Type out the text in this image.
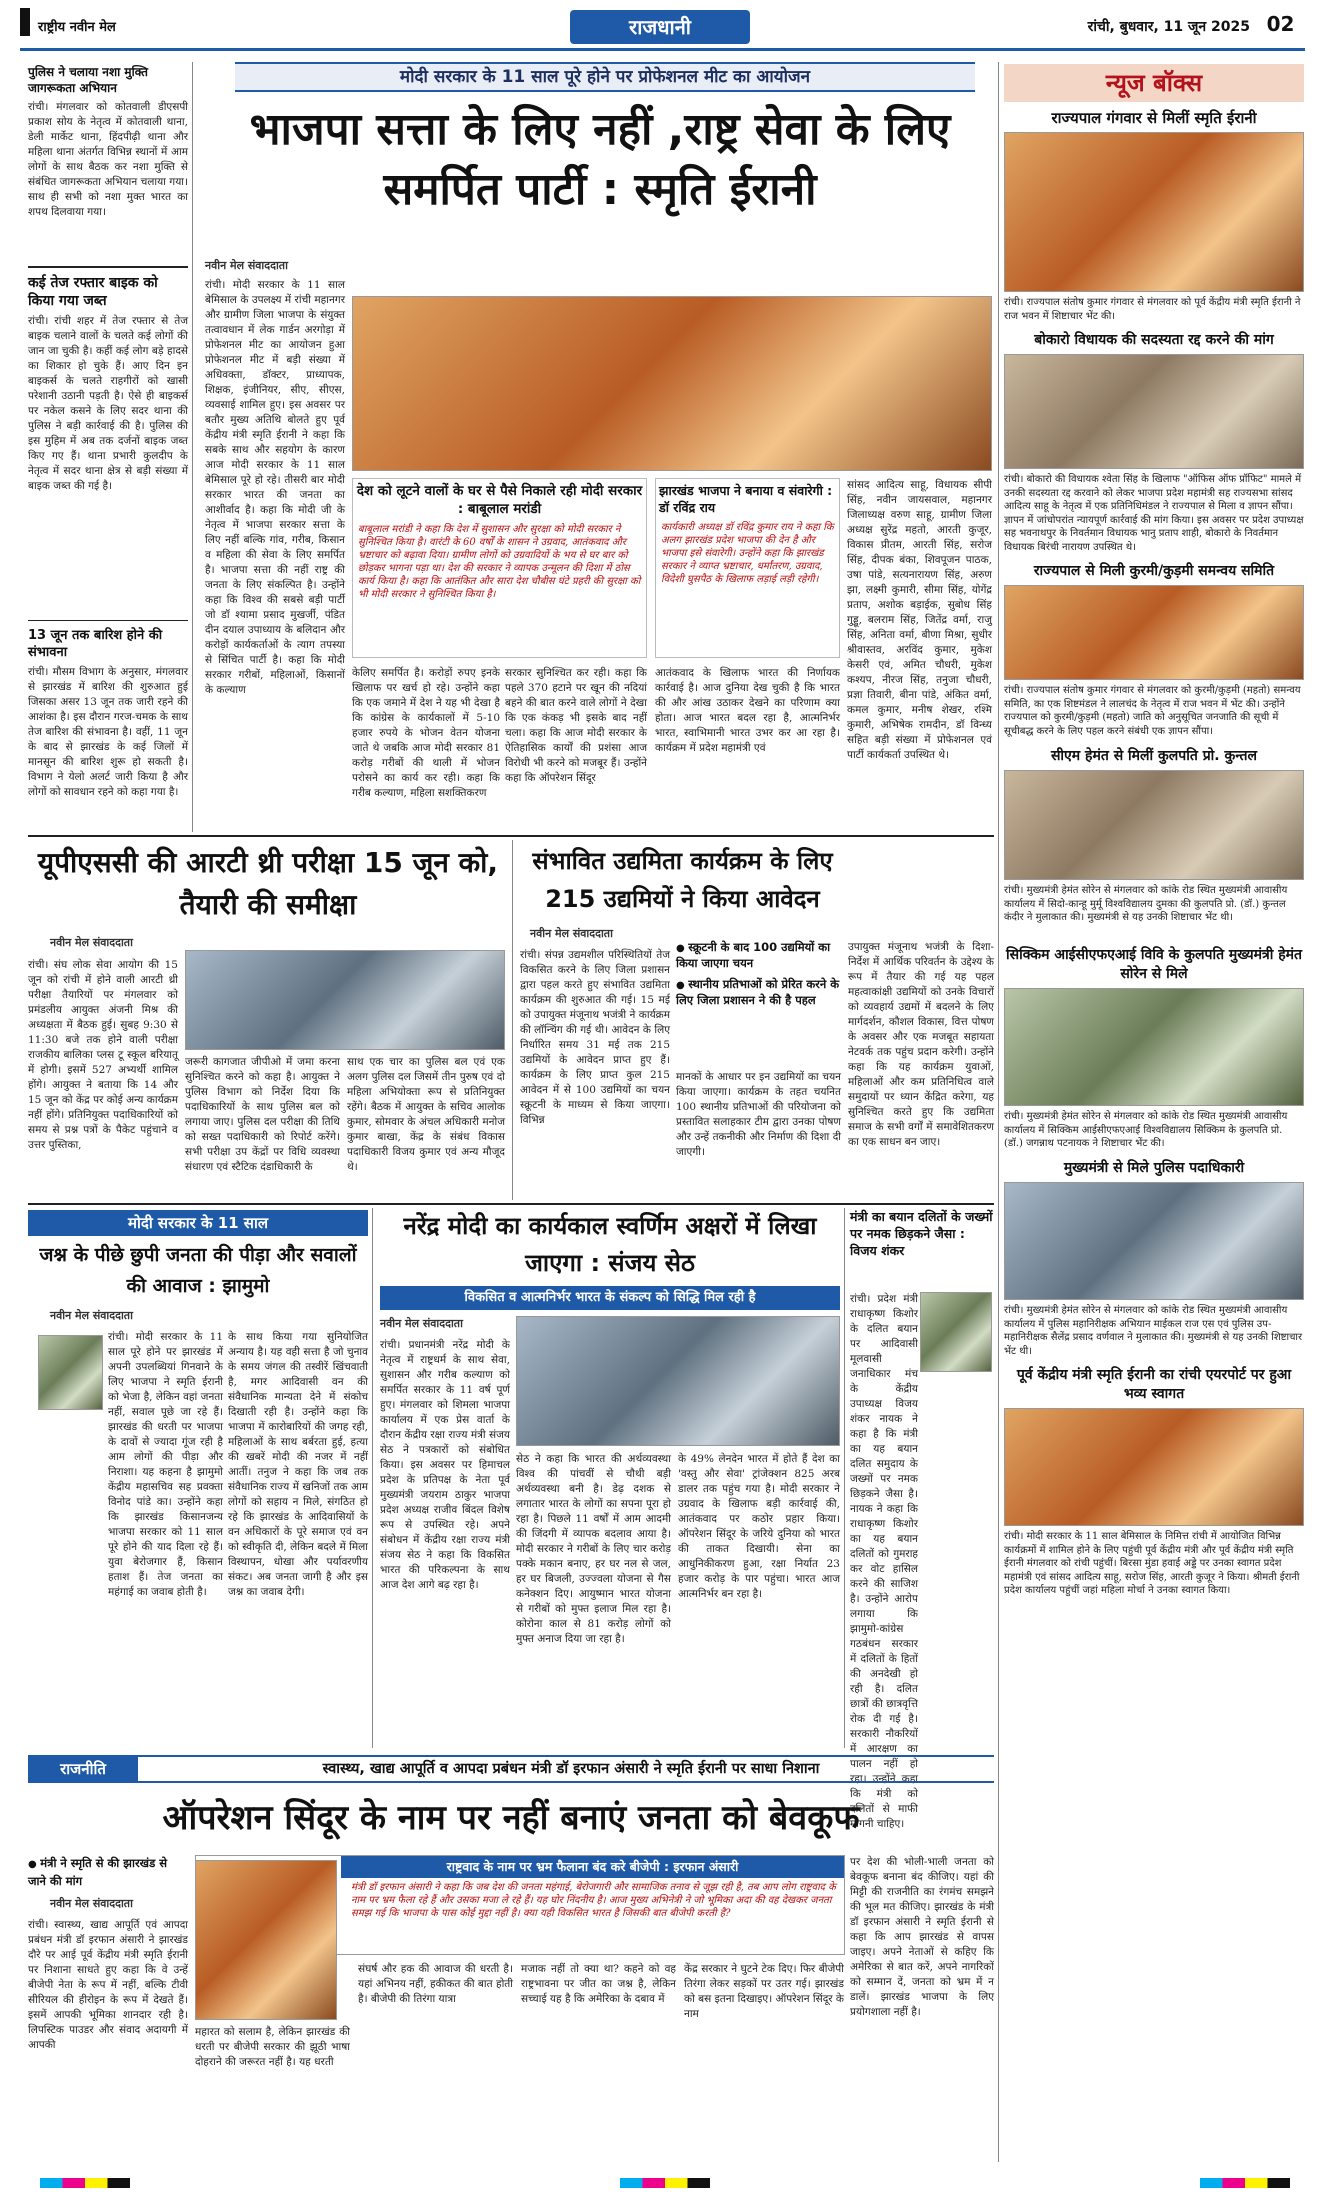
राष्ट्रीय नवीन मेल	राजधानी	रांची, बुधवार, 11 जून 2025 02
पुलिस ने चलाया नशा मुक्ति जागरूकता अभियान
रांची। मंगलवार को कोतवाली डीएसपी प्रकाश सोय के नेतृत्व में कोतवाली थाना, डेली मार्केट थाना, हिंदपीढ़ी थाना और महिला थाना अंतर्गत विभिन्न स्थानों में आम लोगों के साथ बैठक कर नशा मुक्ति से संबंधित जागरूकता अभियान चलाया गया। साथ ही सभी को नशा मुक्त भारत का शपथ दिलवाया गया।
कई तेज रफ्तार बाइक को किया गया जब्त
रांची। रांची शहर में तेज रफ्तार से तेज बाइक चलाने वालों के चलते कई लोगों की जान जा चुकी है। कहीं कई लोग बड़े हादसे का शिकार हो चुके हैं। आए दिन इन बाइकर्स के चलते राहगीरों को खासी परेशानी उठानी पड़ती है। ऐसे ही बाइकर्स पर नकेल कसने के लिए सदर थाना की पुलिस ने बड़ी कार्रवाई की है। पुलिस की इस मुहिम में अब तक दर्जनों बाइक जब्त किए गए हैं। थाना प्रभारी कुलदीप के नेतृत्व में सदर थाना क्षेत्र से बड़ी संख्या में बाइक जब्त की गई है।
13 जून तक बारिश होने की संभावना
रांची। मौसम विभाग के अनुसार, मंगलवार से झारखंड में बारिश की शुरुआत हुई जिसका असर 13 जून तक जारी रहने की आशंका है। इस दौरान गरज-चमक के साथ तेज बारिश की संभावना है। वहीं, 11 जून के बाद से झारखंड के कई जिलों में मानसून की बारिश शुरू हो सकती है। विभाग ने येलो अलर्ट जारी किया है और लोगों को सावधान रहने को कहा गया है।
मोदी सरकार के 11 साल पूरे होने पर प्रोफेशनल मीट का आयोजन
भाजपा सत्ता के लिए नहीं ,राष्ट्र सेवा के लिए समर्पित पार्टी : स्मृति ईरानी
नवीन मेल संवाददाता
रांची। मोदी सरकार के 11 साल बेमिसाल के उपलक्ष्य में रांची महानगर और ग्रामीण जिला भाजपा के संयुक्त तत्वावधान में लेक गार्डन अरगोड़ा में प्रोफेशनल मीट का आयोजन हुआ प्रोफेशनल मीट में बड़ी संख्या में अधिवक्ता, डॉक्टर, प्राध्यापक, शिक्षक, इंजीनियर, सीए, सीएस, व्यवसाई शामिल हुए। इस अवसर पर बतौर मुख्य अतिथि बोलते हुए पूर्व केंद्रीय मंत्री स्मृति ईरानी ने कहा कि सबके साथ और सहयोग के कारण आज मोदी सरकार के 11 साल बेमिसाल पूरे हो रहे। तीसरी बार मोदी सरकार भारत की जनता का आशीर्वाद है। कहा कि मोदी जी के नेतृत्व में भाजपा सरकार सत्ता के लिए नहीं बल्कि गांव, गरीब, किसान व महिला की सेवा के लिए समर्पित है। भाजपा सत्ता की नहीं राष्ट्र की जनता के लिए संकल्पित है। उन्होंने कहा कि विश्व की सबसे बड़ी पार्टी जो डॉ श्यामा प्रसाद मुखर्जी, पंडित दीन दयाल उपाध्याय के बलिदान और करोड़ों कार्यकर्ताओं के त्याग तपस्या से सिंचित पार्टी है। कहा कि मोदी सरकार गरीबों, महिलाओं, किसानों के कल्याण
केलिए समर्पित है। करोड़ों रुपए इनके खिलाफ पर खर्च हो रहे। उन्होंने कहा कि एक जमाने में देश ने यह भी देखा है कि कांग्रेस के कार्यकालों में 5-10 हजार रुपये के भोजन वेतन योजना जाते थे जबकि आज मोदी सरकार 81 करोड़ गरीबों की थाली में भोजन परोसने का कार्य कर रही। कहा कि गरीब कल्याण, महिला सशक्तिकरण
देश को लूटने वालों के घर से पैसे निकाले रही मोदी सरकार : बाबूलाल मरांडी
बाबूलाल मरांडी ने कहा कि देश में सुशासन और सुरक्षा को मोदी सरकार ने सुनिश्चित किया है। वारंटी के 60 वर्षों के शासन ने उग्रवाद, आतंकवाद और भ्रष्टाचार को बढ़ावा दिया। ग्रामीण लोगों को उग्रवादियों के भय से घर बार को छोड़कर भागना पड़ा था। देश की सरकार ने व्यापक उन्मूलन की दिशा में ठोस कार्य किया है। कहा कि आतंकित और सारा देश चौबीस घंटे प्रहरी की सुरक्षा को भी मोदी सरकार ने सुनिश्चित किया है।
सरकार सुनिश्चित कर रही। कहा कि पहले 370 हटाने पर खून की नदियां बहने की बात करने वाले लोगों ने देखा कि एक कंकड़ भी इसके बाद नहीं चला। कहा कि आज मोदी सरकार के ऐतिहासिक कार्यों की प्रशंसा आज विरोधी भी करने को मजबूर हैं। उन्होंने कहा कि ऑपरेशन सिंदूर
झारखंड भाजपा ने बनाया व संवारेगी : डॉ रविंद्र राय
कार्यकारी अध्यक्ष डॉ रविंद्र कुमार राय ने कहा कि अलग झारखंड प्रदेश भाजपा की देन है और भाजपा इसे संवारेगी। उन्होंने कहा कि झारखंड सरकार ने व्याप्त भ्रष्टाचार, धर्मांतरण, उग्रवाद, विदेशी घुसपैठ के खिलाफ लड़ाई लड़ी रहेगी।
आतंकवाद के खिलाफ भारत की निर्णायक कार्रवाई है। आज दुनिया देख चुकी है कि भारत की और आंख उठाकर देखने का परिणाम क्या होता। आज भारत बदल रहा है, आत्मनिर्भर भारत, स्वाभिमानी भारत उभर कर आ रहा है। कार्यक्रम में प्रदेश महामंत्री एवं
सांसद आदित्य साहू, विधायक सीपी सिंह, नवीन जायसवाल, महानगर जिलाध्यक्ष वरुण साहू, ग्रामीण जिला अध्यक्ष सुरेंद्र महतो, आरती कुजूर, विकास प्रीतम, आरती सिंह, सरोज सिंह, दीपक बंका, शिवपूजन पाठक, उषा पांडे, सत्यनारायण सिंह, अरुण झा, लक्ष्मी कुमारी, सीमा सिंह, योगेंद्र प्रताप, अशोक बड़ाईक, सुबोध सिंह गुड्डू, बलराम सिंह, जितेंद्र वर्मा, राजु सिंह, अनिता वर्मा, बीणा मिश्रा, सुधीर श्रीवास्तव, अरविंद कुमार, मुकेश केसरी एवं, अमित चौधरी, मुकेश कश्यप, नीरज सिंह, तनुजा चौधरी, प्रज्ञा तिवारी, बीना पांडे, अंकित वर्मा, कमल कुमार, मनीष शेखर, रश्मि कुमारी, अभिषेक रामदीन, डॉ विन्ध्य सहित बड़ी संख्या में प्रोफेशनल एवं पार्टी कार्यकर्ता उपस्थित थे।
यूपीएससी की आरटी थ्री परीक्षा 15 जून को, तैयारी की समीक्षा
नवीन मेल संवाददाता
रांची। संघ लोक सेवा आयोग की 15 जून को रांची में होने वाली आरटी थ्री परीक्षा तैयारियों पर मंगलवार को प्रमंडलीय आयुक्त अंजनी मिश्र की अध्यक्षता में बैठक हुई। सुबह 9:30 से 11:30 बजे तक होने वाली परीक्षा राजकीय बालिका प्लस टू स्कूल बरियातू में होगी। इसमें 527 अभ्यर्थी शामिल होंगे। आयुक्त ने बताया कि 14 और 15 जून को केंद्र पर कोई अन्य कार्यक्रम नहीं होंगे। प्रतिनियुक्त पदाधिकारियों को समय से प्रश्न पत्रों के पैकेट पहुंचाने व उत्तर पुस्तिका,
जरूरी कागजात जीपीओ में जमा करना सुनिश्चित करने को कहा है। आयुक्त ने पुलिस विभाग को निर्देश दिया कि पदाधिकारियों के साथ पुलिस बल को लगाया जाए। पुलिस दल परीक्षा की तिथि को सख्त पदाधिकारी को रिपोर्ट करेंगे। सभी परीक्षा उप केंद्रों पर विधि व्यवस्था संधारण एवं स्टैटिक दंडाधिकारी के
साथ एक चार का पुलिस बल एवं एक अलग पुलिस दल जिसमें तीन पुरुष एवं दो महिला अभियोक्ता रूप से प्रतिनियुक्त रहेंगे। बैठक में आयुक्त के सचिव आलोक कुमार, सोमवार के अंचल अधिकारी मनोज कुमार बाखा, केंद्र के संबंध विकास पदाधिकारी विजय कुमार एवं अन्य मौजूद थे।
संभावित उद्यमिता कार्यक्रम के लिए 215 उद्यमियों ने किया आवेदन
नवीन मेल संवाददाता
रांची। संपन्न उद्यमशील परिस्थितियों तेज विकसित करने के लिए जिला प्रशासन द्वारा पहल करते हुए संभावित उद्यमिता कार्यक्रम की शुरुआत की गई। 15 मई को उपायुक्त मंजूनाथ भजंत्री ने कार्यक्रम की लॉन्चिंग की गई थी। आवेदन के लिए निर्धारित समय 31 मई तक 215 उद्यमियों के आवेदन प्राप्त हुए हैं। कार्यक्रम के लिए प्राप्त कुल 215 आवेदन में से 100 उद्यमियों का चयन स्क्रूटनी के माध्यम से किया जाएगा। विभिन्न
● स्क्रूटनी के बाद 100 उद्यमियों का किया जाएगा चयन
● स्थानीय प्रतिभाओं को प्रेरित करने के लिए जिला प्रशासन ने की है पहल
मानकों के आधार पर इन उद्यमियों का चयन किया जाएगा। कार्यक्रम के तहत चयनित 100 स्थानीय प्रतिभाओं की परियोजना को प्रस्तावित सलाहकार टीम द्वारा उनका पोषण और उन्हें तकनीकी और निर्माण की दिशा दी जाएगी।
उपायुक्त मंजूनाथ भजंत्री के दिशा-निर्देश में आर्थिक परिवर्तन के उद्देश्य के रूप में तैयार की गई यह पहल महत्वाकांक्षी उद्यमियों को उनके विचारों को व्यवहार्य उद्यमों में बदलने के लिए मार्गदर्शन, कौशल विकास, वित्त पोषण के अवसर और एक मजबूत सहायता नेटवर्क तक पहुंच प्रदान करेगी। उन्होंने कहा कि यह कार्यक्रम युवाओं, महिलाओं और कम प्रतिनिधित्व वाले समुदायों पर ध्यान केंद्रित करेगा, यह सुनिश्चित करते हुए कि उद्यमिता समाज के सभी वर्गों में समावेशितकरण का एक साधन बन जाए।
मोदी सरकार के 11 साल
जश्न के पीछे छुपी जनता की पीड़ा और सवालों की आवाज : झामुमो
नवीन मेल संवाददाता
रांची। मोदी सरकार के 11 साल पूरे होने पर झारखंड में अपनी उपलब्धियां गिनवाने के लिए भाजपा ने स्मृति ईरानी को भेजा है, लेकिन वहां जनता नहीं, सवाल पूछे जा रहे हैं। झारखंड की धरती पर भाजपा के दावों से ज्यादा गूंज रही है आम लोगों की पीड़ा और निराशा। यह कहना है झामुमो केंद्रीय महासचिव सह प्रवक्ता विनोद पांडे का। उन्होंने कहा कि झारखंड किसानजन्य भाजपा सरकार को 11 साल पूरे होने की याद दिला रहे हैं। युवा बेरोजगार हैं, किसान हताश हैं। तेज जनता का महंगाई का जवाब होती है।
के साथ किया गया सुनियोजित अन्याय है। यह वही सत्ता है जो चुनाव के समय जंगल की तस्वीरें खिंचवाती है, मगर आदिवासी वन की संवैधानिक मान्यता देने में संकोच दिखाती रही है। उन्होंने कहा कि भाजपा में कारोबारियों की जगह रही, महिलाओं के साथ बर्बरता हुई, हत्या की खबरें मोदी की नजर में नहीं आतीं। तनुज ने कहा कि जब तक संवैधानिक राज्य में खनिजों तक आम लोगों को सहाय न मिले, संगठित हो रहे कि झारखंड के आदिवासियों के वन अधिकारों के पूरे समाज एवं वन को स्वीकृति दी, लेकिन बदले में मिला विस्थापन, धोखा और पर्यावरणीय संकट। अब जनता जागी है और इस जश्न का जवाब देगी।
नरेंद्र मोदी का कार्यकाल स्वर्णिम अक्षरों में लिखा जाएगा : संजय सेठ
विकसित व आत्मनिर्भर भारत के संकल्प को सिद्धि मिल रही है
नवीन मेल संवाददाता
रांची। प्रधानमंत्री नरेंद्र मोदी के नेतृत्व में राष्ट्रधर्म के साथ सेवा, सुशासन और गरीब कल्याण को समर्पित सरकार के 11 वर्ष पूर्ण हुए। मंगलवार को शिमला भाजपा कार्यालय में एक प्रेस वार्ता के दौरान केंद्रीय रक्षा राज्य मंत्री संजय सेठ ने पत्रकारों को संबोधित किया। इस अवसर पर हिमाचल प्रदेश के प्रतिपक्ष के नेता पूर्व मुख्यमंत्री जयराम ठाकुर भाजपा प्रदेश अध्यक्ष राजीव बिंदल विशेष रूप से उपस्थित रहे। अपने संबोधन में केंद्रीय रक्षा राज्य मंत्री संजय सेठ ने कहा कि विकसित भारत की परिकल्पना के साथ आज देश आगे बढ़ रहा है।
सेठ ने कहा कि भारत की अर्थव्यवस्था विश्व की पांचवीं से चौथी बड़ी अर्थव्यवस्था बनी है। डेढ़ दशक से लगातार भारत के लोगों का सपना पूरा हो रहा है। पिछले 11 वर्षों में आम आदमी की जिंदगी में व्यापक बदलाव आया है। मोदी सरकार ने गरीबों के लिए चार करोड़ पक्के मकान बनाए, हर घर नल से जल, हर घर बिजली, उज्ज्वला योजना से गैस कनेक्शन दिए। आयुष्मान भारत योजना से गरीबों को मुफ्त इलाज मिल रहा है। कोरोना काल से 81 करोड़ लोगों को मुफ्त अनाज दिया जा रहा है।
के 49% लेनदेन भारत में होते हैं देश का 'वस्तु और सेवा' ट्रांजेक्शन 825 अरब डालर तक पहुंच गया है। मोदी सरकार ने उग्रवाद के खिलाफ बड़ी कार्रवाई की, आतंकवाद पर कठोर प्रहार किया। ऑपरेशन सिंदूर के जरिये दुनिया को भारत की ताकत दिखायी। सेना का आधुनिकीकरण हुआ, रक्षा निर्यात 23 हजार करोड़ के पार पहुंचा। भारत आज आत्मनिर्भर बन रहा है।
मंत्री का बयान दलितों के जख्मों पर नमक छिड़कने जैसा : विजय शंकर
रांची। प्रदेश मंत्री राधाकृष्ण किशोर के दलित बयान पर आदिवासी मूलवासी जनाधिकार मंच के केंद्रीय उपाध्यक्ष विजय शंकर नायक ने कहा है कि मंत्री का यह बयान दलित समुदाय के जख्मों पर नमक छिड़कने जैसा है। नायक ने कहा कि राधाकृष्ण किशोर का यह बयान दलितों को गुमराह कर वोट हासिल करने की साजिश है। उन्होंने आरोप लगाया कि झामुमो-कांग्रेस गठबंधन सरकार में दलितों के हितों की अनदेखी हो रही है। दलित छात्रों की छात्रवृत्ति रोक दी गई है। सरकारी नौकरियों में आरक्षण का पालन नहीं हो रहा। उन्होंने कहा कि मंत्री को दलितों से माफी मांगनी चाहिए।
न्यूज बॉक्स
राज्यपाल गंगवार से मिलीं स्मृति ईरानी
रांची। राज्यपाल संतोष कुमार गंगवार से मंगलवार को पूर्व केंद्रीय मंत्री स्मृति ईरानी ने राज भवन में शिष्टाचार भेंट की।
बोकारो विधायक की सदस्यता रद्द करने की मांग
रांची। बोकारो की विधायक श्वेता सिंह के खिलाफ "ऑफिस ऑफ प्रॉफिट" मामले में उनकी सदस्यता रद्द करवाने को लेकर भाजपा प्रदेश महामंत्री सह राज्यसभा सांसद आदित्य साहू के नेतृत्व में एक प्रतिनिधिमंडल ने राज्यपाल से मिला व ज्ञापन सौंपा। ज्ञापन में जांचोपरांत न्यायपूर्ण कार्रवाई की मांग किया। इस अवसर पर प्रदेश उपाध्यक्ष सह भवनाथपुर के निवर्तमान विधायक भानु प्रताप शाही, बोकारो के निवर्तमान विधायक बिरंची नारायण उपस्थित थे।
राज्यपाल से मिली कुरमी/कुड़मी समन्वय समिति
रांची। राज्यपाल संतोष कुमार गंगवार से मंगलवार को कुरमी/कुड़मी (महतो) समन्वय समिति, का एक शिष्टमंडल ने लालचंद के नेतृत्व में राज भवन में भेंट की। उन्होंने राज्यपाल को कुरमी/कुड़मी (महतो) जाति को अनुसूचित जनजाति की सूची में सूचीबद्ध करने के लिए पहल करने संबंधी एक ज्ञापन सौंपा।
सीएम हेमंत से मिलीं कुलपति प्रो. कुन्तल
रांची। मुख्यमंत्री हेमंत सोरेन से मंगलवार को कांके रोड स्थित मुख्यमंत्री आवासीय कार्यालय में सिदो-कान्हू मुर्मू विश्वविद्यालय दुमका की कुलपति प्रो. (डॉ.) कुन्तल कंदीर ने मुलाकात की। मुख्यमंत्री से यह उनकी शिष्टाचार भेंट थी।
सिक्किम आईसीएफएआई विवि के कुलपति मुख्यमंत्री हेमंत सोरेन से मिले
रांची। मुख्यमंत्री हेमंत सोरेन से मंगलवार को कांके रोड स्थित मुख्यमंत्री आवासीय कार्यालय में सिक्किम आईसीएफएआई विश्वविद्यालय सिक्किम के कुलपति प्रो. (डॉ.) जगन्नाथ पटनायक ने शिष्टाचार भेंट की।
मुख्यमंत्री से मिले पुलिस पदाधिकारी
रांची। मुख्यमंत्री हेमंत सोरेन से मंगलवार को कांके रोड स्थित मुख्यमंत्री आवासीय कार्यालय में पुलिस महानिरीक्षक अभियान माईकल राज एस एवं पुलिस उप-महानिरीक्षक सैलेंद्र प्रसाद वर्णवाल ने मुलाकात की। मुख्यमंत्री से यह उनकी शिष्टाचार भेंट थी।
पूर्व केंद्रीय मंत्री स्मृति ईरानी का रांची एयरपोर्ट पर हुआ भव्य स्वागत
रांची। मोदी सरकार के 11 साल बेमिसाल के निमित्त रांची में आयोजित विभिन्न कार्यक्रमों में शामिल होने के लिए पहुंची पूर्व केंद्रीय मंत्री और पूर्व केंद्रीय मंत्री स्मृति ईरानी मंगलवार को रांची पहुंचीं। बिरसा मुंडा हवाई अड्डे पर उनका स्वागत प्रदेश महामंत्री एवं सांसद आदित्य साहू, सरोज सिंह, आरती कुजूर ने किया। श्रीमती ईरानी प्रदेश कार्यालय पहुंचीं जहां महिला मोर्चा ने उनका स्वागत किया।
राजनीति	स्वास्थ्य, खाद्य आपूर्ति व आपदा प्रबंधन मंत्री डॉ इरफान अंसारी ने स्मृति ईरानी पर साधा निशाना
ऑपरेशन सिंदूर के नाम पर नहीं बनाएं जनता को बेवकूफ
● मंत्री ने स्मृति से की झारखंड से जाने की मांग
नवीन मेल संवाददाता
रांची। स्वास्थ्य, खाद्य आपूर्ति एवं आपदा प्रबंधन मंत्री डॉ इरफान अंसारी ने झारखंड दौरे पर आई पूर्व केंद्रीय मंत्री स्मृति ईरानी पर निशाना साधते हुए कहा कि वे उन्हें बीजेपी नेता के रूप में नहीं, बल्कि टीवी सीरियल की हीरोइन के रूप में देखते हैं। इसमें आपकी भूमिका शानदार रही है। लिपस्टिक पाउडर और संवाद अदायगी में आपकी
राष्ट्रवाद के नाम पर भ्रम फैलाना बंद करे बीजेपी : इरफान अंसारी
मंत्री डॉ इरफान अंसारी ने कहा कि जब देश की जनता महंगाई, बेरोजगारी और सामाजिक तनाव से जूझ रही है, तब आप लोग राष्ट्रवाद के नाम पर भ्रम फैला रहे हैं और उसका मजा ले रहे हैं। यह घोर निंदनीय है। आज मुख्य अभिनेत्री ने जो भूमिका अदा की वह देखकर जनता समझ गई कि भाजपा के पास कोई मुद्दा नहीं है। क्या यही विकसित भारत है जिसकी बात बीजेपी करती है?
महारत को सलाम है, लेकिन झारखंड की धरती पर बीजेपी सरकार की झूठी भाषा दोहराने की जरूरत नहीं है। यह धरती
संघर्ष और हक की आवाज की धरती है। यहां अभिनय नहीं, हकीकत की बात होती है। बीजेपी की तिरंगा यात्रा
मजाक नहीं तो क्या था? कहने को वह राष्ट्रभावना पर जीत का जश्न है, लेकिन सच्चाई यह है कि अमेरिका के दबाव में
केंद्र सरकार ने घुटने टेक दिए। फिर बीजेपी तिरंगा लेकर सड़कों पर उतर गई। झारखंड को बस इतना दिखाइए। ऑपरेशन सिंदूर के नाम
पर देश की भोली-भाली जनता को बेवकूफ बनाना बंद कीजिए। यहां की मिट्टी की राजनीति का रंगमंच समझने की भूल मत कीजिए। झारखंड के मंत्री डॉ इरफान अंसारी ने स्मृति ईरानी से कहा कि आप झारखंड से वापस जाइए। अपने नेताओं से कहिए कि अमेरिका से बात करें, अपने नागरिकों को सम्मान दें, जनता को भ्रम में न डालें। झारखंड भाजपा के लिए प्रयोगशाला नहीं है।
